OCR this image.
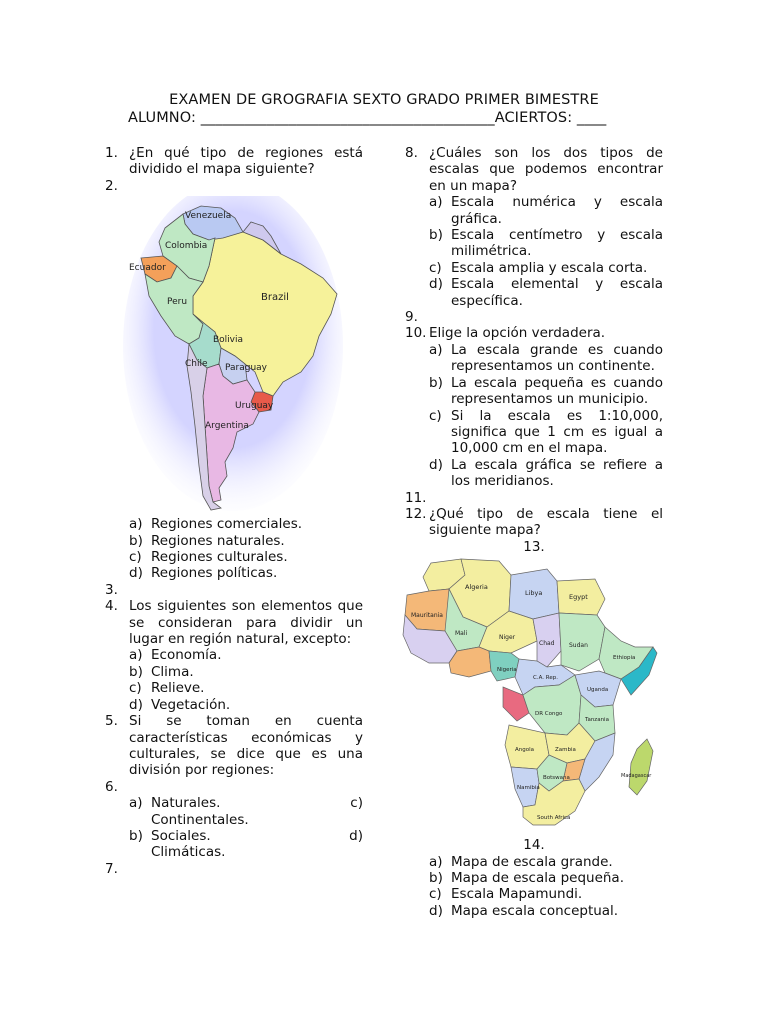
EXAMEN DE GROGRAFIA SEXTO GRADO PRIMER BIMESTRE
ALUMNO: ________________________________________ACIERTOS: ____
1. ¿En qué tipo de regiones está dividido el mapa siguiente?
2.
Venezuela
Colombia
Ecuador
Peru	Brazil
Bolivia
Chile Paraguay
Uruguay
Argentina
a) Regiones comerciales.
b) Regiones naturales.
c) Regiones culturales.
d) Regiones políticas.
3.
4. Los siguientes son elementos que se consideran para dividir un lugar en región natural, excepto:
a) Economía.
b) Clima.
c) Relieve.
d) Vegetación.
5. Si se toman en cuenta características económicas y culturales, se dice que es una división por regiones:
6.
a) Naturales.	c)
Continentales.
b) Sociales.	d)
Climáticas.
7.
8. ¿Cuáles son los dos tipos de escalas que podemos encontrar en un mapa?
a) Escala numérica y escala gráfica.
b) Escala centímetro y escala milimétrica.
c) Escala amplia y escala corta.
d) Escala elemental y escala específica.
9.
10. Elige la opción verdadera.
a) La escala grande es cuando representamos un continente.
b) La escala pequeña es cuando representamos un municipio.
c) Si la escala es 1:10,000, significa que 1 cm es igual a 10,000 cm en el mapa.
d) La escala gráfica se refiere a los meridianos.
11.
12. ¿Qué tipo de escala tiene el siguiente mapa?
13.
Algeria
Libya	Egypt
Mauritania
Mali
Niger
Chad Sudan
Ethiopia
Nigeria
C.A. Rep.
DR Congo
Uganda
Tanzania
Angola	Zambia
Namibia
Botswana
South Africa
Madagascar
14.
a) Mapa de escala grande.
b) Mapa de escala pequeña.
c) Escala Mapamundi.
d) Mapa escala conceptual.
